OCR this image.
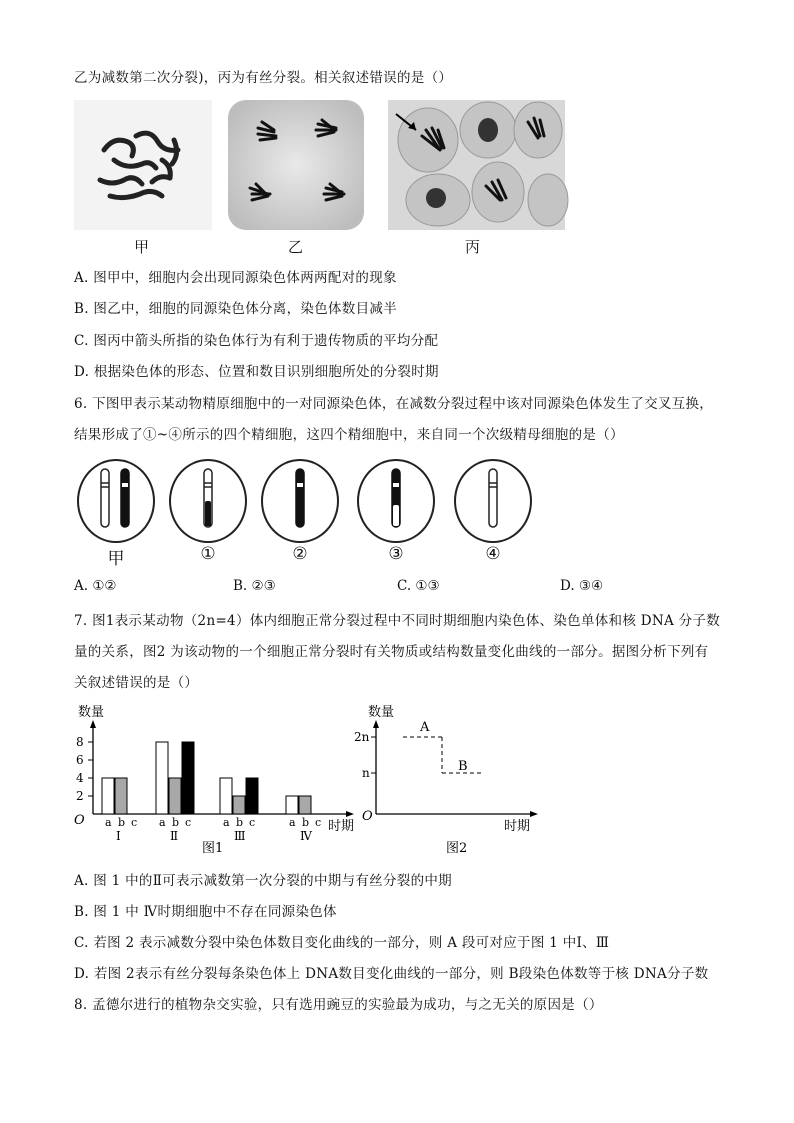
乙为减数第二次分裂)，丙为有丝分裂。相关叙述错误的是（）
甲	乙	丙
A. 图甲中，细胞内会出现同源染色体两两配对的现象
B. 图乙中，细胞的同源染色体分离，染色体数目减半
C. 图丙中箭头所指的染色体行为有利于遗传物质的平均分配
D. 根据染色体的形态、位置和数目识别细胞所处的分裂时期
6. 下图甲表示某动物精原细胞中的一对同源染色体，在减数分裂过程中该对同源染色体发生了交叉互换，
结果形成了①~④所示的四个精细胞，这四个精细胞中，来自同一个次级精母细胞的是（）
甲	①	②	③	④
A. ①②	B. ②③	C. ①③	D. ③④
7. 图1表示某动物（2n=4）体内细胞正常分裂过程中不同时期细胞内染色体、染色单体和核 DNA 分子数
量的关系，图2 为该动物的一个细胞正常分裂时有关物质或结构数量变化曲线的一部分。据图分析下列有
关叙述错误的是（）
数量
O	时期
图1
2
4
6
8
a b c
Ⅰ
a b c
Ⅱ
a b c
Ⅲ
a b c
Ⅳ
数量
O
时期
图2
2n
n
A
B
A. 图 1 中的Ⅱ可表示减数第一次分裂的中期与有丝分裂的中期
B. 图 1 中 Ⅳ时期细胞中不存在同源染色体
C. 若图 2 表示减数分裂中染色体数目变化曲线的一部分，则 A 段可对应于图 1 中Ⅰ、Ⅲ
D. 若图 2表示有丝分裂每条染色体上 DNA数目变化曲线的一部分，则 B段染色体数等于核 DNA分子数
8. 孟德尔进行的植物杂交实验，只有选用豌豆的实验最为成功，与之无关的原因是（）
